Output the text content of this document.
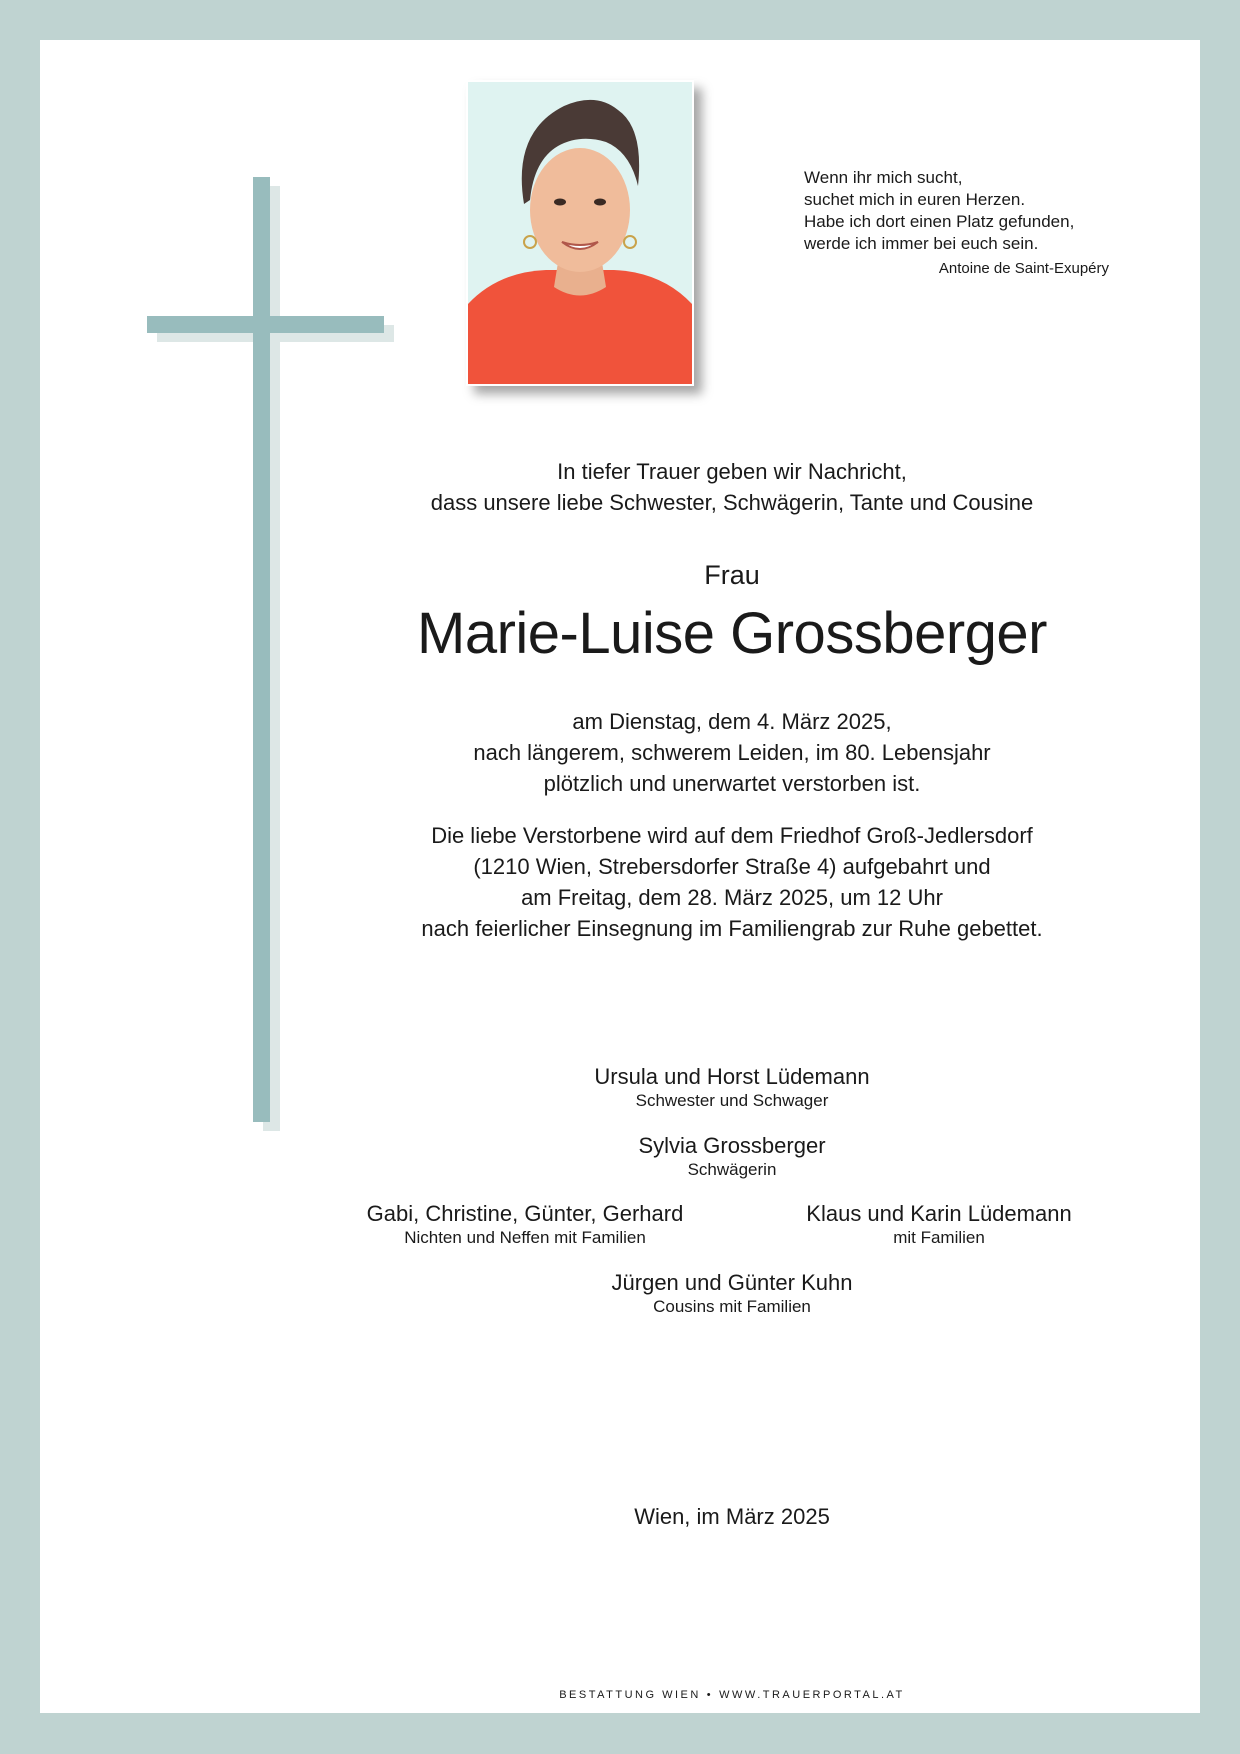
Wenn ihr mich sucht,
suchet mich in euren Herzen.
Habe ich dort einen Platz gefunden,
werde ich immer bei euch sein.
Antoine de Saint-Exupéry
In tiefer Trauer geben wir Nachricht,
dass unsere liebe Schwester, Schwägerin, Tante und Cousine
Frau
Marie-Luise Grossberger
am Dienstag, dem 4. März 2025,
nach längerem, schwerem Leiden, im 80. Lebensjahr
plötzlich und unerwartet verstorben ist.
Die liebe Verstorbene wird auf dem Friedhof Groß-Jedlersdorf
(1210 Wien, Strebersdorfer Straße 4) aufgebahrt und
am Freitag, dem 28. März 2025, um 12 Uhr
nach feierlicher Einsegnung im Familiengrab zur Ruhe gebettet.
Ursula und Horst Lüdemann
Schwester und Schwager
Sylvia Grossberger
Schwägerin
Gabi, Christine, Günter, Gerhard
Nichten und Neffen mit Familien
Klaus und Karin Lüdemann
mit Familien
Jürgen und Günter Kuhn
Cousins mit Familien
Wien, im März 2025
BESTATTUNG WIEN • WWW.TRAUERPORTAL.AT
